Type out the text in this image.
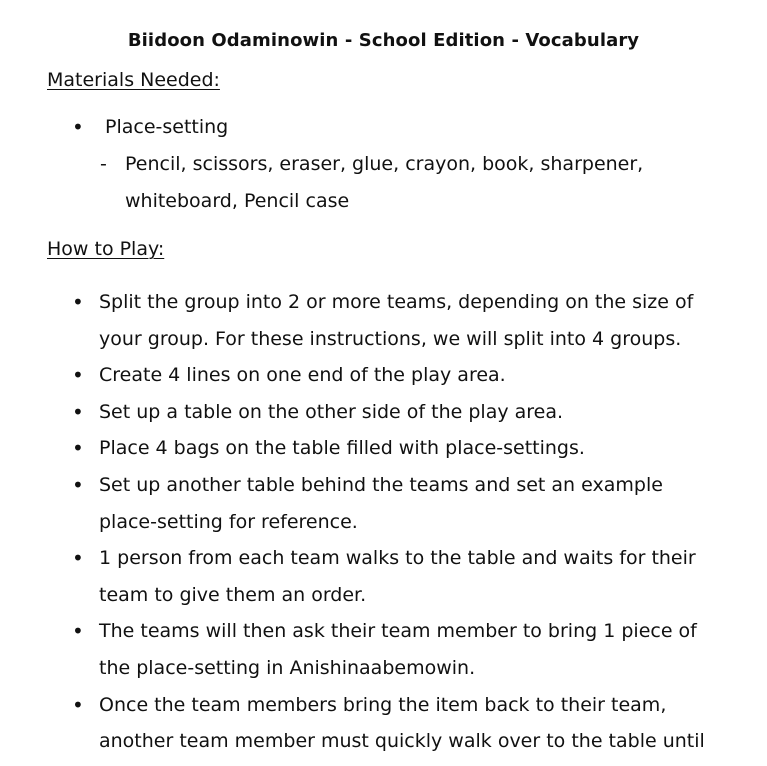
Biidoon Odaminowin - School Edition - Vocabulary
Materials Needed:
• Place-setting
- Pencil, scissors, eraser, glue, crayon, book, sharpener, whiteboard, Pencil case
How to Play:
• Split the group into 2 or more teams, depending on the size of your group. For these instructions, we will split into 4 groups.
• Create 4 lines on one end of the play area.
• Set up a table on the other side of the play area.
• Place 4 bags on the table filled with place-settings.
• Set up another table behind the teams and set an example place-setting for reference.
• 1 person from each team walks to the table and waits for their team to give them an order.
• The teams will then ask their team member to bring 1 piece of the place-setting in Anishinaabemowin.
• Once the team members bring the item back to their team, another team member must quickly walk over to the table until
